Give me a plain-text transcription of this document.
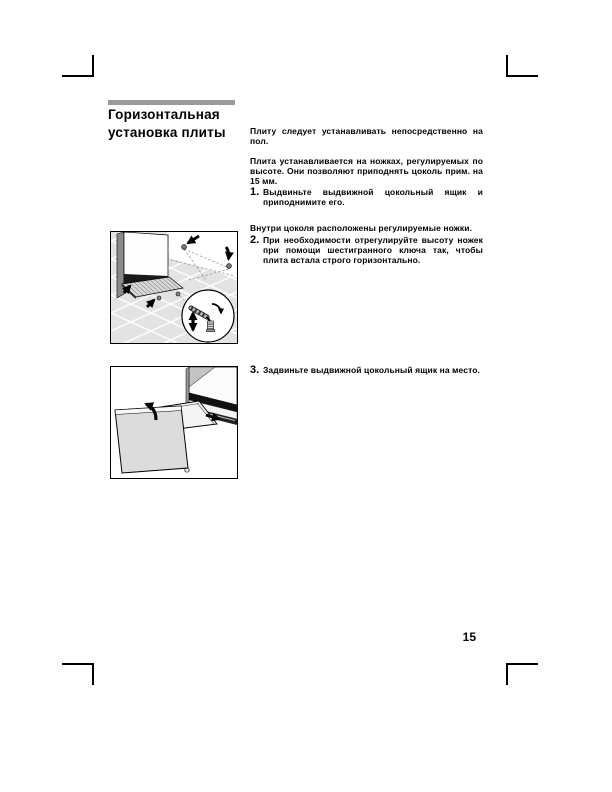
Горизонтальная
установка плиты	Плиту следует устанавливать непосредственно на пол.

Плита устанавливается на ножках, регулируемых по высоте. Они позволяют приподнять цоколь прим. на 15 мм.

1. Выдвиньте выдвижной цокольный ящик и приподнимите его.

Внутри цоколя расположены регулируемые ножки.

2. При необходимости отрегулируйте высоту ножек при помощи шестигранного ключа так, чтобы плита встала строго горизонтально.
3. Задвиньте выдвижной цокольный ящик на место.
15
